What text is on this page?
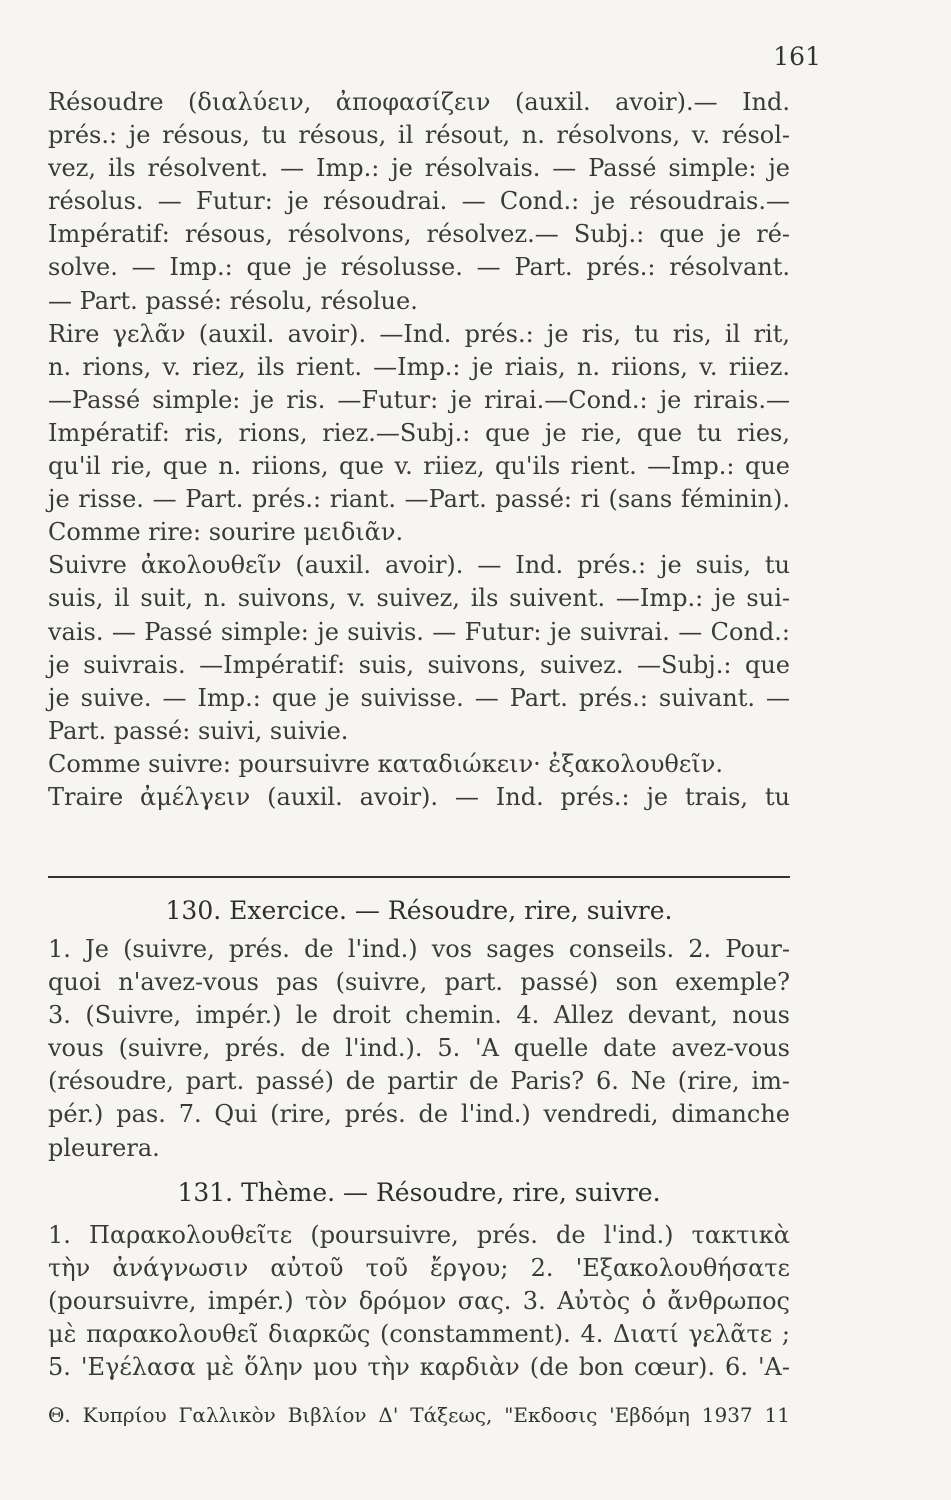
161
Résoudre (διαλύειν, ἀποφασίζειν (auxil. avoir).— Ind.
prés.: je résous, tu résous, il résout, n. résolvons, v. résol-
vez, ils résolvent. — Imp.: je résolvais. — Passé simple: je
résolus. — Futur: je résoudrai. — Cond.: je résoudrais.—
Impératif: résous, résolvons, résolvez.— Subj.: que je ré-
solve. — Imp.: que je résolusse. — Part. prés.: résolvant.
— Part. passé: résolu, résolue.
Rire γελᾶν (auxil. avoir). —Ind. prés.: je ris, tu ris, il rit,
n. rions, v. riez, ils rient. —Imp.: je riais, n. riions, v. riiez.
—Passé simple: je ris. —Futur: je rirai.—Cond.: je rirais.—
Impératif: ris, rions, riez.—Subj.: que je rie, que tu ries,
qu'il rie, que n. riions, que v. riiez, qu'ils rient. —Imp.: que
je risse. — Part. prés.: riant. —Part. passé: ri (sans féminin).
Comme rire: sourire μειδιᾶν.
Suivre ἀκολουθεῖν (auxil. avoir). — Ind. prés.: je suis, tu
suis, il suit, n. suivons, v. suivez, ils suivent. —Imp.: je sui-
vais. — Passé simple: je suivis. — Futur: je suivrai. — Cond.:
je suivrais. —Impératif: suis, suivons, suivez. —Subj.: que
je suive. — Imp.: que je suivisse. — Part. prés.: suivant. —
Part. passé: suivi, suivie.
Comme suivre: poursuivre καταδιώκειν· ἐξακολουθεῖν.
Traire ἀμέλγειν (auxil. avoir). — Ind. prés.: je trais, tu
130. Exercice. — Résoudre, rire, suivre.
1. Je (suivre, prés. de l'ind.) vos sages conseils. 2. Pour-
quoi n'avez-vous pas (suivre, part. passé) son exemple?
3. (Suivre, impér.) le droit chemin. 4. Allez devant, nous
vous (suivre, prés. de l'ind.). 5. 'A quelle date avez-vous
(résoudre, part. passé) de partir de Paris? 6. Ne (rire, im-
pér.) pas. 7. Qui (rire, prés. de l'ind.) vendredi, dimanche
pleurera.
131. Thème. — Résoudre, rire, suivre.
1. Παρακολουθεῖτε (poursuivre, prés. de l'ind.) τακτικὰ
τὴν ἀνάγνωσιν αὐτοῦ τοῦ ἔργου; 2. 'Εξακολουθήσατε
(poursuivre, impér.) τὸν δρόμον σας. 3. Αὐτὸς ὁ ἄνθρωπος
μὲ παρακολουθεῖ διαρκῶς (constamment). 4. Διατί γελᾶτε ;
5. 'Εγέλασα μὲ ὅλην μου τὴν καρδιὰν (de bon cœur). 6. 'Α-
Θ. Κυπρίου Γαλλικὸν Βιβλίον Δ' Τάξεως, "Εκδοσις 'Εβδόμη 1937 11
